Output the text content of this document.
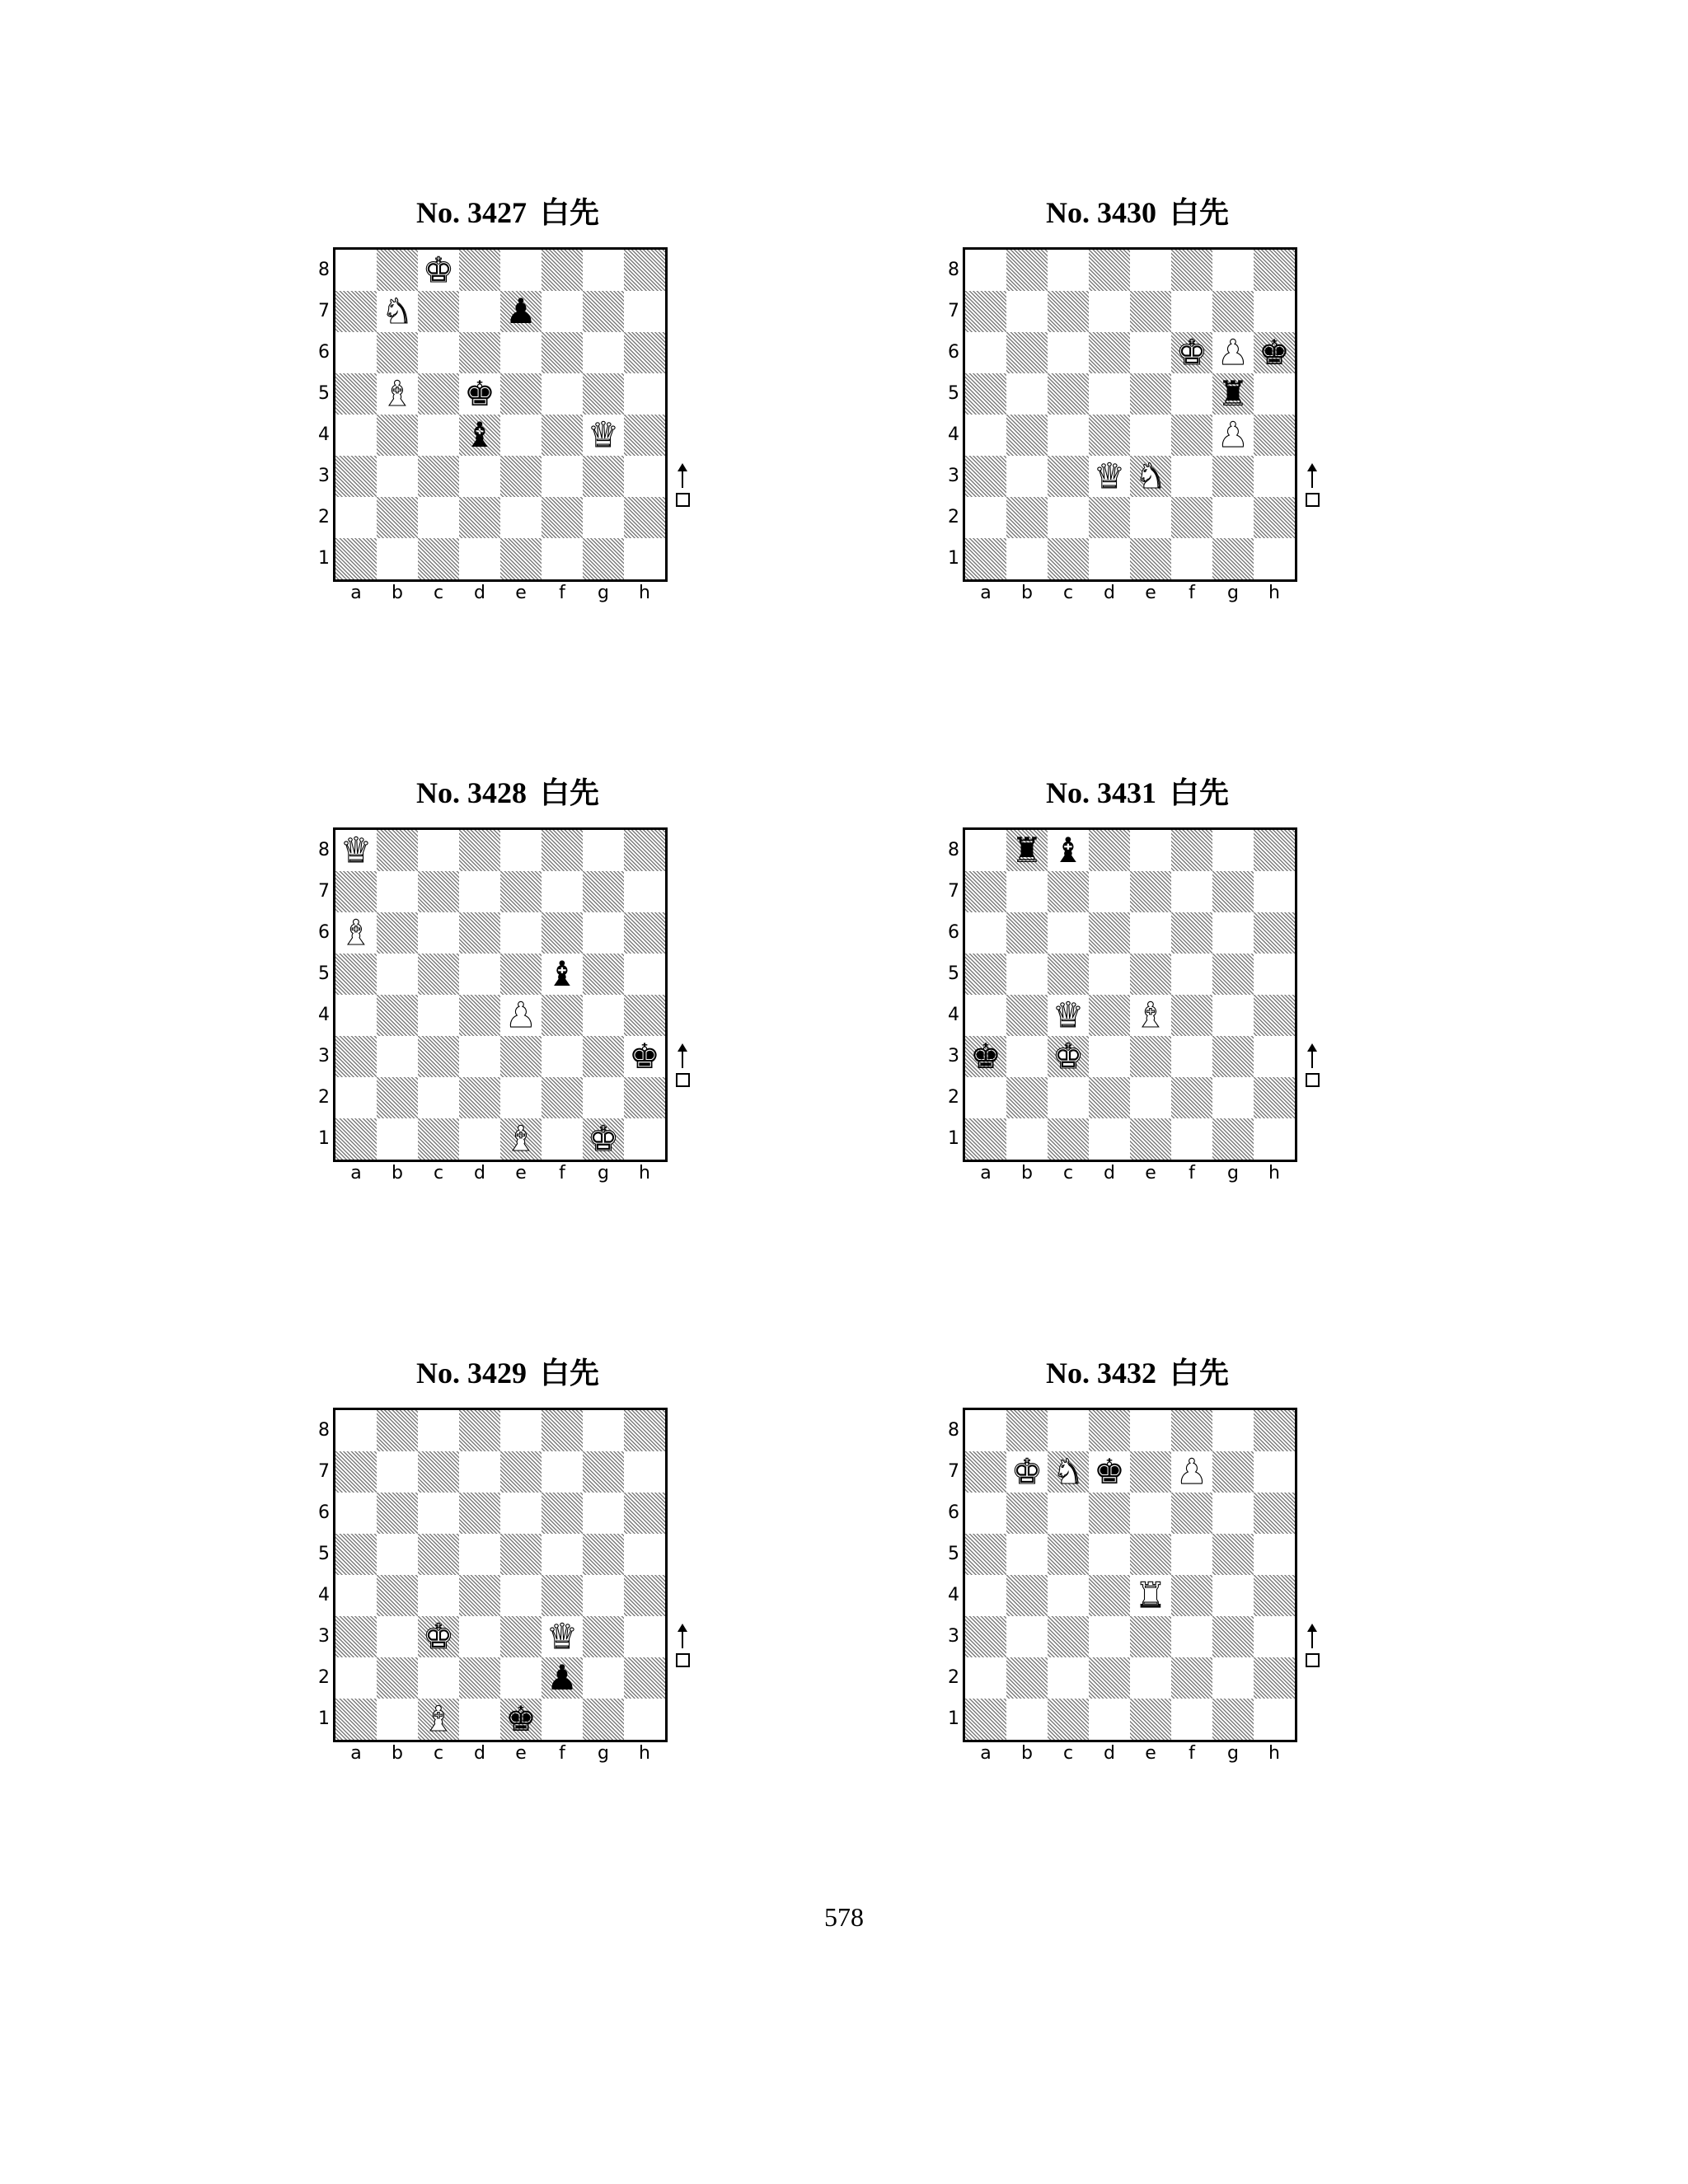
No. 3427 白先
8
7
6
5
4
3
2
1
♚
♞	♟
♝ ♚
♝	♛
a	b	c	d	e	f	g	h
No. 3430 白先
8
7
6
5
4
3
2
1
♚ ♟ ♚
♜
♟
♛ ♞
a	b	c	d	e	f	g	h
No. 3428 白先
8
7
6
5
4
3
2
1
♛
♝
♝
♟
♚
♝ ♚
a	b	c	d	e	f	g	h
No. 3431 白先
8
7
6
5
4
3
2
1
♜ ♝
♛ ♝
♚ ♚
a	b	c	d	e	f	g	h
No. 3429 白先
8
7
6
5
4
3
2
1
♚	♛
♟
♝ ♚
a	b	c	d	e	f	g	h
No. 3432 白先
8
7
6
5
4
3
2
1
♚ ♞ ♚ ♟
♜
a	b	c	d	e	f	g	h
578
